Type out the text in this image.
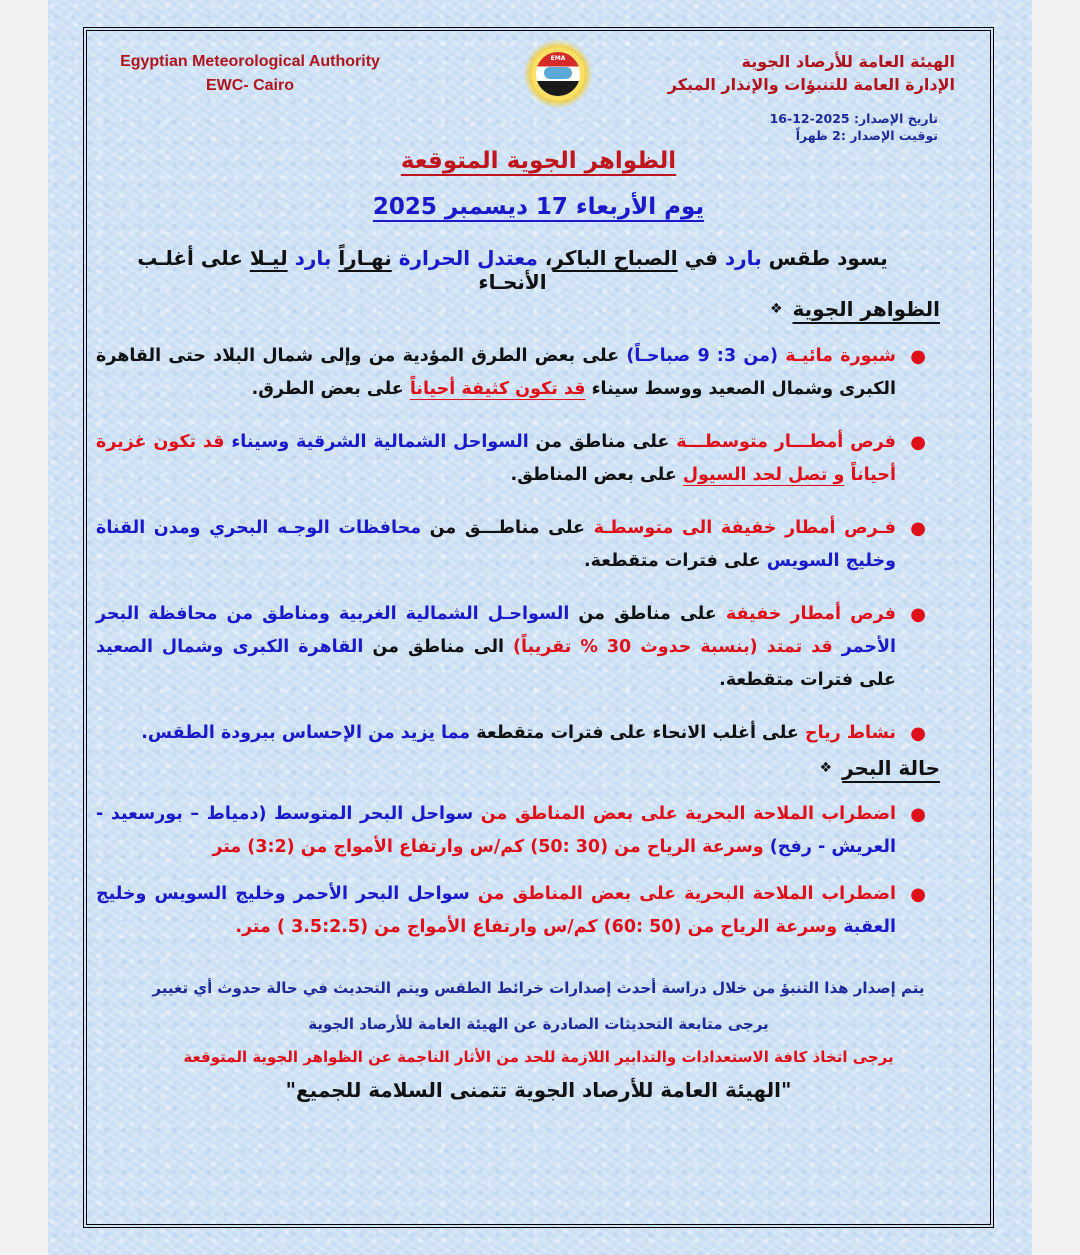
Egyptian Meteorological Authority
EWC- Cairo
EMA	الهيئة العامة للأرصاد الجوية
الإدارة العامة للتنبؤات والإنذار المبكر
تاريخ الإصدار: 2025-12-16
توقيت الإصدار :2 ظهراً
الظواهر الجوية المتوقعة
يوم الأربعاء 17 ديسمبر 2025
يسود طقس بارد في الصباح الباكر، معتدل الحرارة نهـاراً بارد ليـلا على أغلـب الأنحـاء
الظواهر الجوية
❖
●
شبورة مائيـة (من 3: 9 صباحـاً) على بعض الطرق المؤدية من وإلى شمال البلاد حتى القاهرة الكبرى وشمال الصعيد ووسط سيناء قد تكون كثيفة أحياناً على بعض الطرق.
●
فرص أمطـــار متوسطـــة على مناطق من السواحل الشمالية الشرقية وسيناء قد تكون غزيرة أحياناً و تصل لحد السيول على بعض المناطق.
●
فـرص أمطار خفيفة الى متوسطـة على مناطـــق من محافظات الوجـه البحري ومدن القناة وخليج السويس على فترات متقطعة.
●
فرص أمطار خفيفة على مناطق من السواحـل الشمالية الغربية ومناطق من محافظة البحر الأحمر قد تمتد (بنسبة حدوث 30 % تقريباً) الى مناطق من القاهرة الكبرى وشمال الصعيد على فترات متقطعة.
●
نشاط رياح على أغلب الانحاء على فترات متقطعة مما يزيد من الإحساس ببرودة الطقس.
حالة البحر
❖
●
اضطراب الملاحة البحرية على بعض المناطق من سواحل البحر المتوسط (دمياط – بورسعيد - العريش - رفح) وسرعة الرياح من (30 :50) كم/س وارتفاع الأمواج من (3:2) متر
●
اضطراب الملاحة البحرية على بعض المناطق من سواحل البحر الأحمر وخليج السويس وخليج العقبة وسرعة الرياح من (50 :60) كم/س وارتفاع الأمواج من (3.5:2.5 ) متر.
يتم إصدار هذا التنبؤ من خلال دراسة أحدث إصدارات خرائط الطقس ويتم التحديث في حالة حدوث أي تغيير
يرجى متابعة التحديثات الصادرة عن الهيئة العامة للأرصاد الجوية
يرجى اتخاذ كافة الاستعدادات والتدابير اللازمة للحد من الأثار الناجمة عن الظواهر الجوية المتوقعة
"الهيئة العامة للأرصاد الجوية تتمنى السلامة للجميع"
